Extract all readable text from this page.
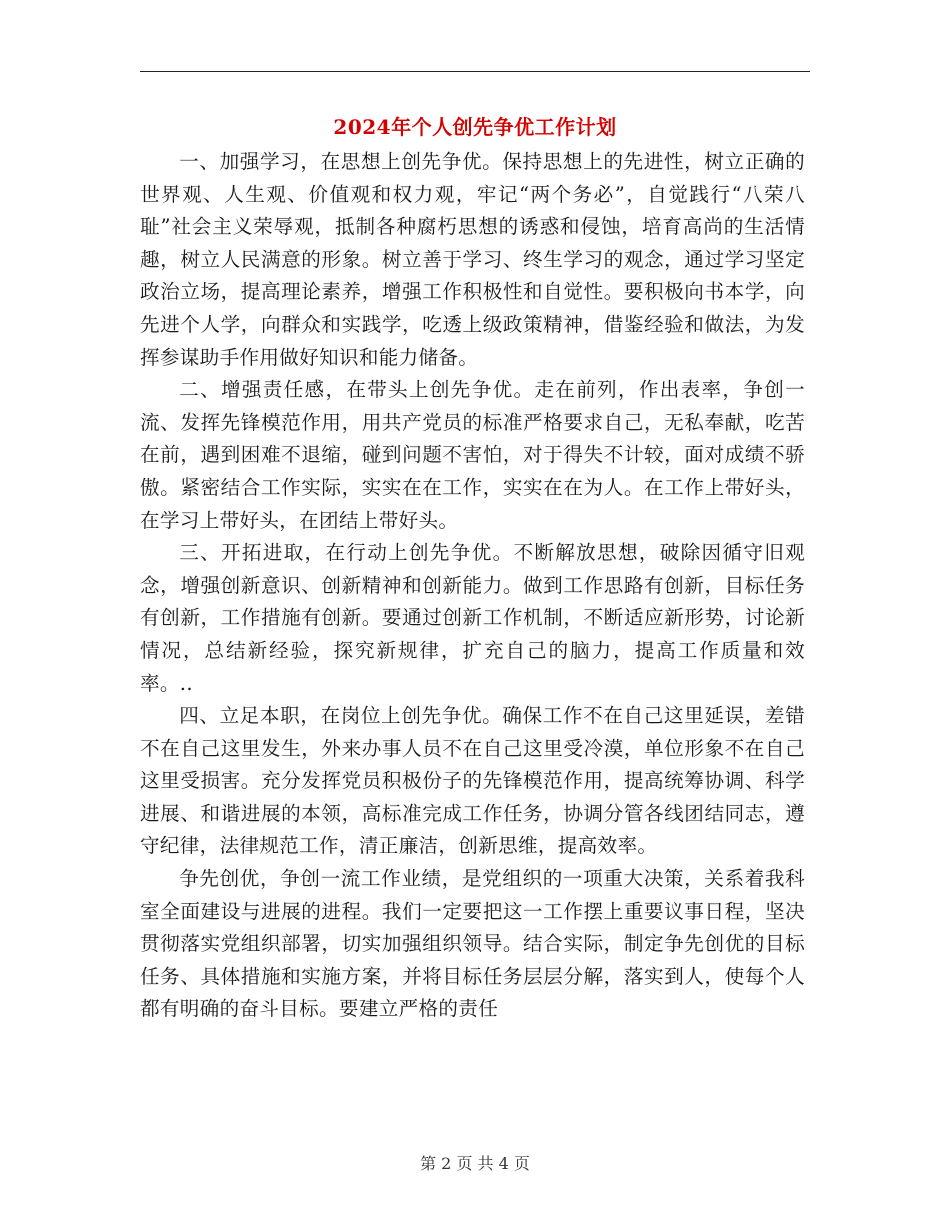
2024年个人创先争优工作计划

一、加强学习，在思想上创先争优。保持思想上的先进性，树立正确的世界观、人生观、价值观和权力观，牢记“两个务必”，自觉践行“八荣八耻”社会主义荣辱观，抵制各种腐朽思想的诱惑和侵蚀，培育高尚的生活情趣，树立人民满意的形象。树立善于学习、终生学习的观念，通过学习坚定政治立场，提高理论素养，增强工作积极性和自觉性。要积极向书本学，向先进个人学，向群众和实践学，吃透上级政策精神，借鉴经验和做法，为发挥参谋助手作用做好知识和能力储备。

二、增强责任感，在带头上创先争优。走在前列，作出表率，争创一流、发挥先锋模范作用，用共产党员的标准严格要求自己，无私奉献，吃苦在前，遇到困难不退缩，碰到问题不害怕，对于得失不计较，面对成绩不骄傲。紧密结合工作实际，实实在在工作，实实在在为人。在工作上带好头，在学习上带好头，在团结上带好头。

三、开拓进取，在行动上创先争优。不断解放思想，破除因循守旧观念，增强创新意识、创新精神和创新能力。做到工作思路有创新，目标任务有创新，工作措施有创新。要通过创新工作机制，不断适应新形势，讨论新情况，总结新经验，探究新规律，扩充自己的脑力，提高工作质量和效率。..

四、立足本职，在岗位上创先争优。确保工作不在自己这里延误，差错不在自己这里发生，外来办事人员不在自己这里受冷漠，单位形象不在自己这里受损害。充分发挥党员积极份子的先锋模范作用，提高统筹协调、科学进展、和谐进展的本领，高标准完成工作任务，协调分管各线团结同志，遵守纪律，法律规范工作，清正廉洁，创新思维，提高效率。

争先创优，争创一流工作业绩，是党组织的一项重大决策，关系着我科室全面建设与进展的进程。我们一定要把这一工作摆上重要议事日程，坚决贯彻落实党组织部署，切实加强组织领导。结合实际，制定争先创优的目标任务、具体措施和实施方案，并将目标任务层层分解，落实到人，使每个人都有明确的奋斗目标。要建立严格的责任

第 2 页 共 4 页
